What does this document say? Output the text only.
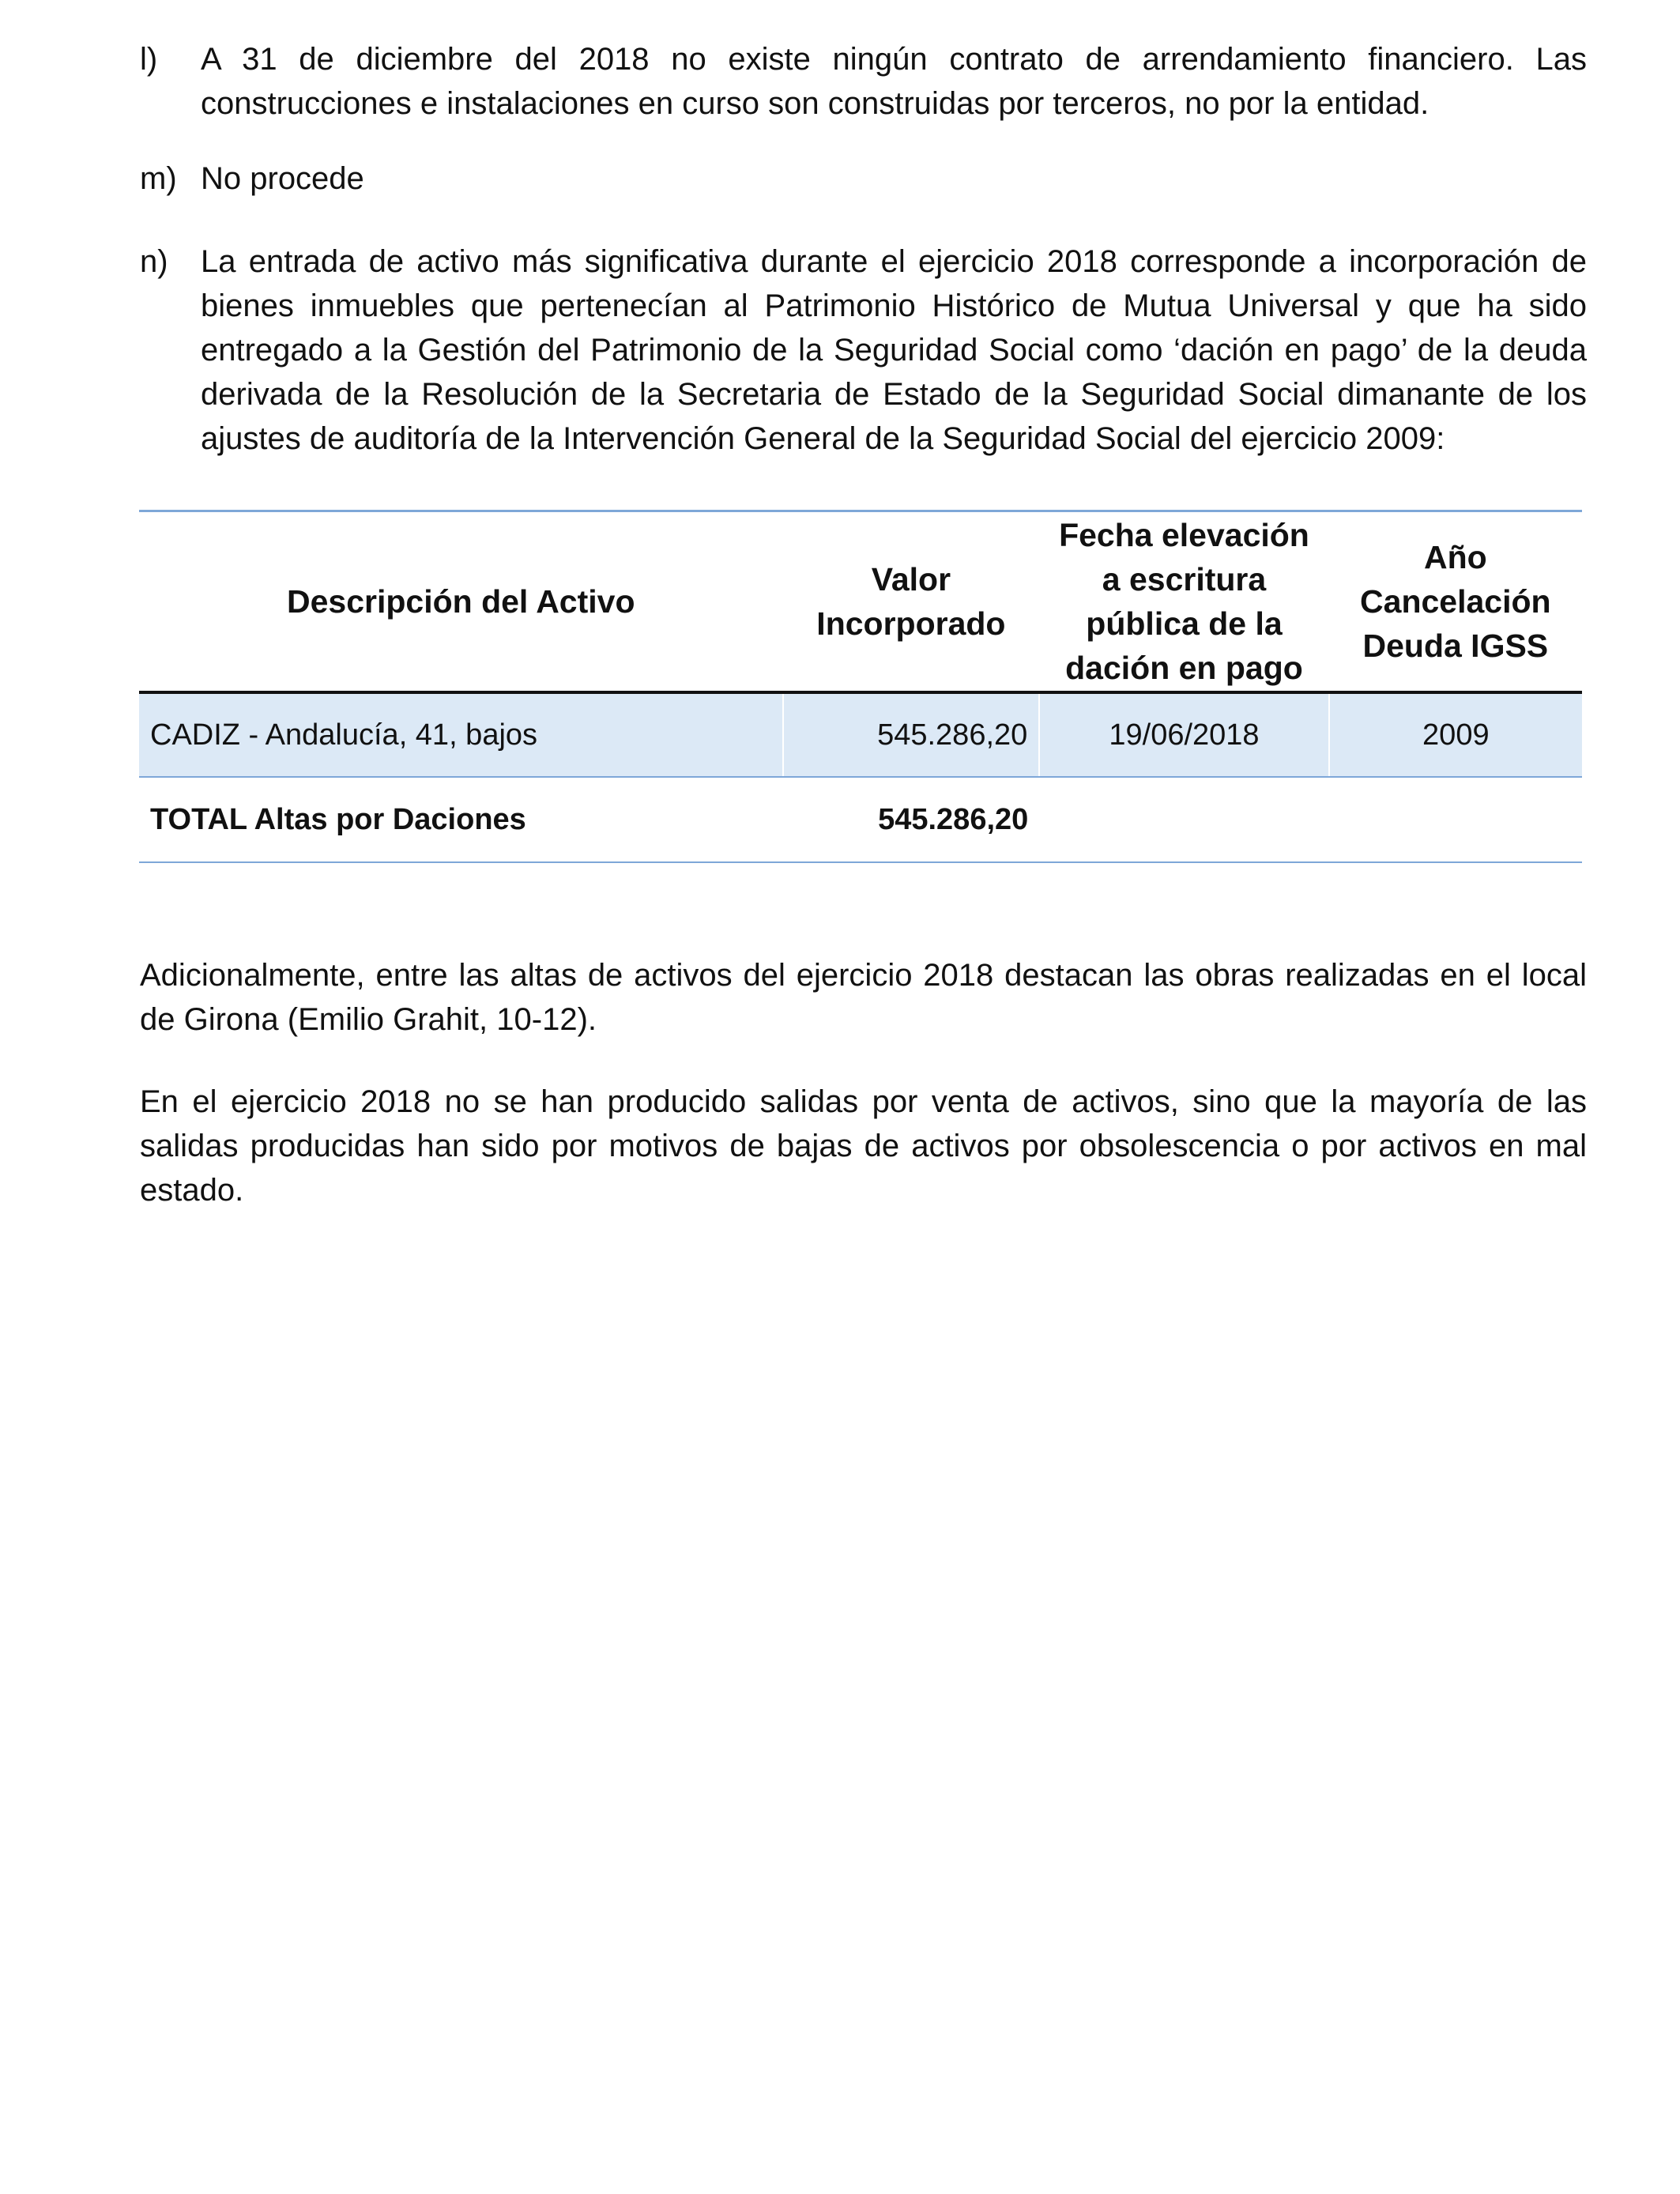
l)	A 31 de diciembre del 2018 no existe ningún contrato de arrendamiento financiero. Las construcciones e instalaciones en curso son construidas por terceros, no por la entidad.
m) No procede
n)	La entrada de activo más significativa durante el ejercicio 2018 corresponde a incorporación de bienes inmuebles que pertenecían al Patrimonio Histórico de Mutua Universal y que ha sido entregado a la Gestión del Patrimonio de la Seguridad Social como ‘dación en pago’ de la deuda derivada de la Resolución de la Secretaria de Estado de la Seguridad Social dimanante de los ajustes de auditoría de la Intervención General de la Seguridad Social del ejercicio 2009:
Descripción del Activo	Valor Incorporado	Fecha elevación a escritura pública de la dación en pago	Año Cancelación Deuda IGSS
CADIZ - Andalucía, 41, bajos	545.286,20	19/06/2018	2009
TOTAL Altas por Daciones	545.286,20		

Adicionalmente, entre las altas de activos del ejercicio 2018 destacan las obras realizadas en el local de Girona (Emilio Grahit, 10-12).

En el ejercicio 2018 no se han producido salidas por venta de activos, sino que la mayoría de las salidas producidas han sido por motivos de bajas de activos por obsolescencia o por activos en mal estado.
